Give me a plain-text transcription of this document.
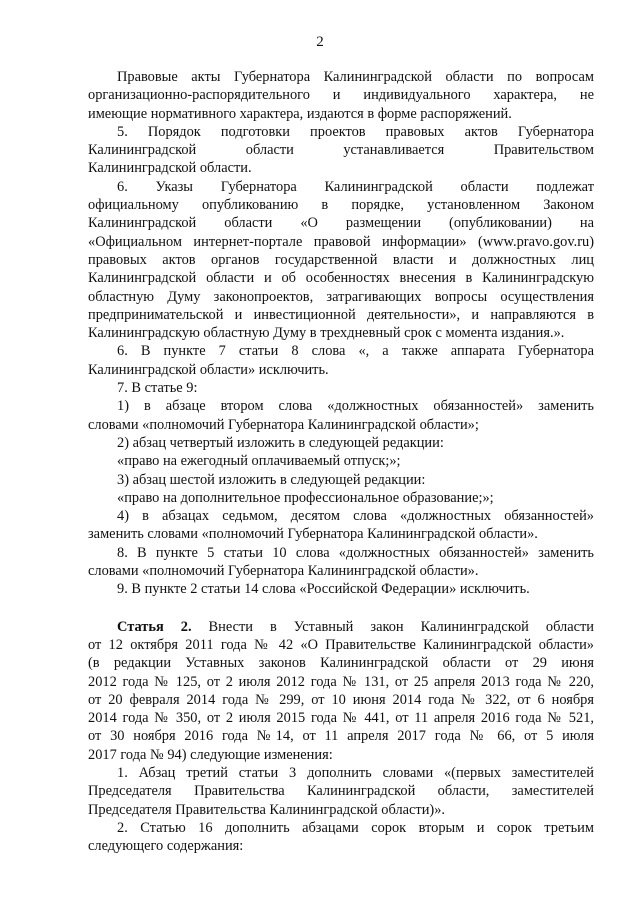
2
Правовые акты Губернатора Калининградской области по вопросам
организационно-распорядительного и индивидуального характера, не
имеющие нормативного характера, издаются в форме распоряжений.
5. Порядок подготовки проектов правовых актов Губернатора
Калининградской области устанавливается Правительством
Калининградской области.
6. Указы Губернатора Калининградской области подлежат
официальному опубликованию в порядке, установленном Законом
Калининградской области «О размещении (опубликовании) на
«Официальном интернет-портале правовой информации» (www.pravo.gov.ru)
правовых актов органов государственной власти и должностных лиц
Калининградской области и об особенностях внесения в Калининградскую
областную Думу законопроектов, затрагивающих вопросы осуществления
предпринимательской и инвестиционной деятельности», и направляются в
Калининградскую областную Думу в трехдневный срок с момента издания.».
6. В пункте 7 статьи 8 слова «, а также аппарата Губернатора
Калининградской области» исключить.
7. В статье 9:
1) в абзаце втором слова «должностных обязанностей» заменить
словами «полномочий Губернатора Калининградской области»;
2) абзац четвертый изложить в следующей редакции:
«право на ежегодный оплачиваемый отпуск;»;
3) абзац шестой изложить в следующей редакции:
«право на дополнительное профессиональное образование;»;
4) в абзацах седьмом, десятом слова «должностных обязанностей»
заменить словами «полномочий Губернатора Калининградской области».
8. В пункте 5 статьи 10 слова «должностных обязанностей» заменить
словами «полномочий Губернатора Калининградской области».
9. В пункте 2 статьи 14 слова «Российской Федерации» исключить.
Статья 2. Внести в Уставный закон Калининградской области
от 12 октября 2011 года № 42 «О Правительстве Калининградской области»
(в редакции Уставных законов Калининградской области от 29 июня
2012 года № 125, от 2 июля 2012 года № 131, от 25 апреля 2013 года № 220,
от 20 февраля 2014 года № 299, от 10 июня 2014 года № 322, от 6 ноября
2014 года № 350, от 2 июля 2015 года № 441, от 11 апреля 2016 года № 521,
от 30 ноября 2016 года №14, от 11 апреля 2017 года № 66, от 5 июля
2017 года № 94) следующие изменения:
1. Абзац третий статьи 3 дополнить словами «(первых заместителей
Председателя Правительства Калининградской области, заместителей
Председателя Правительства Калининградской области)».
2. Статью 16 дополнить абзацами сорок вторым и сорок третьим
следующего содержания:
